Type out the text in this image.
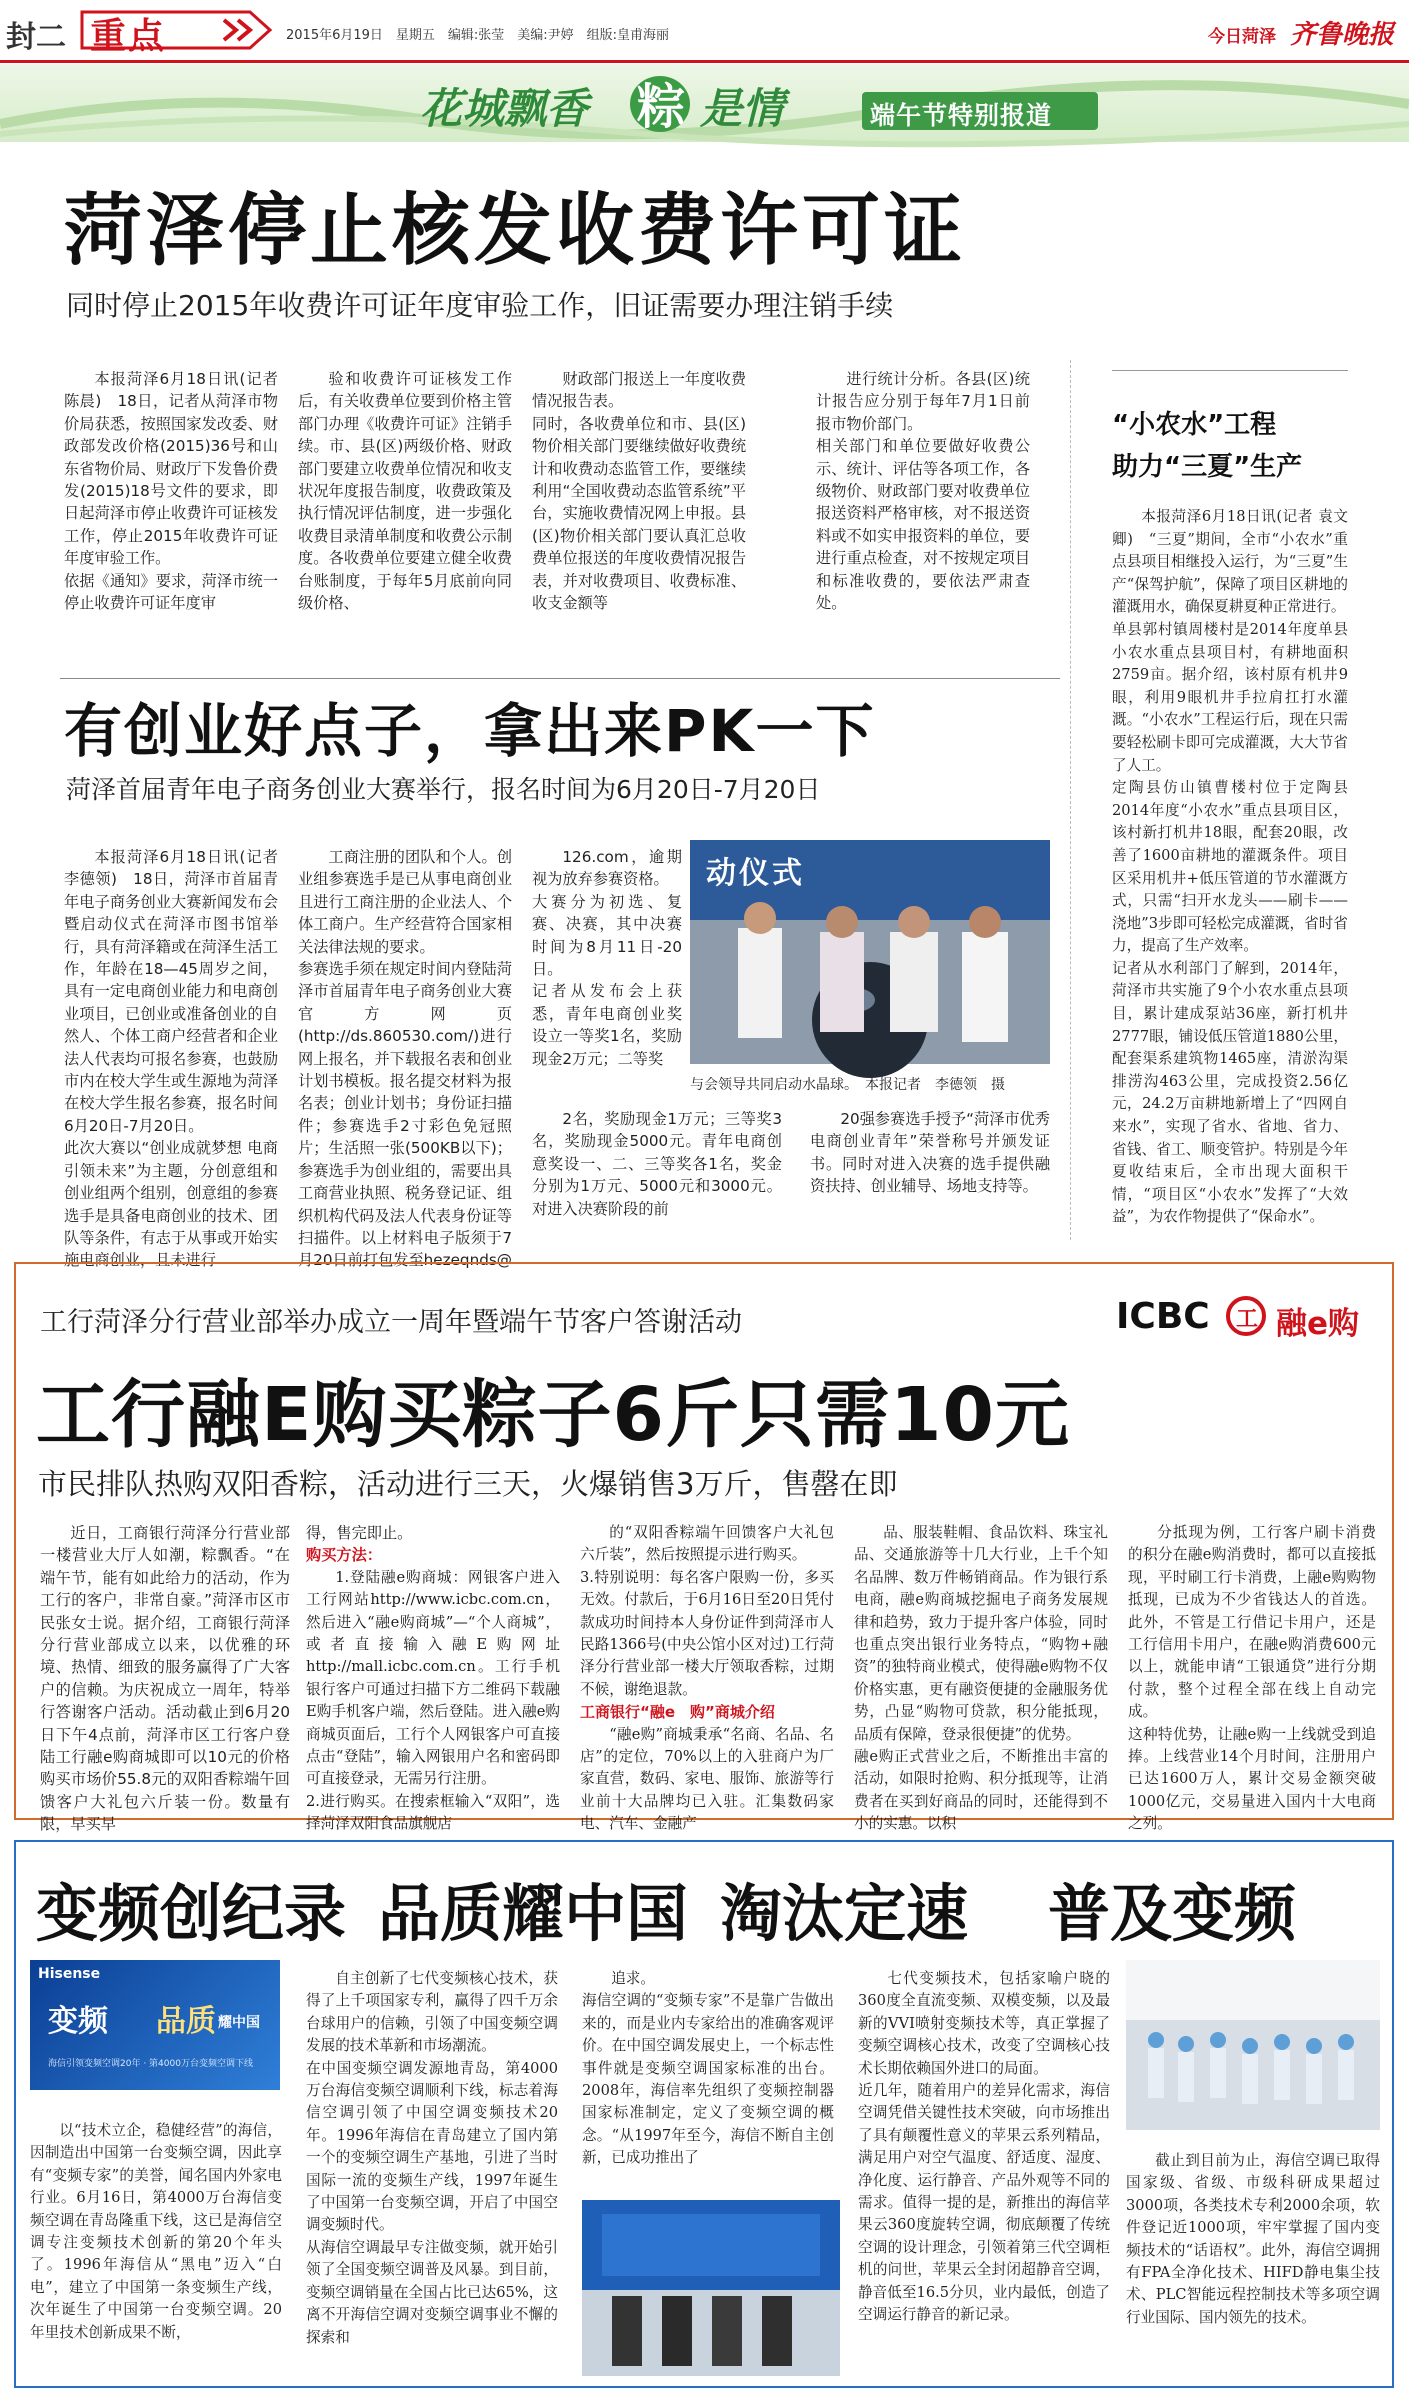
封二 重点	2015年6月19日　星期五　编辑:张莹　美编:尹婷　组版:皇甫海丽	今日菏泽 齐鲁晚报
花城飘香 粽 是情	端午节特别报道
菏泽停止核发收费许可证
同时停止2015年收费许可证年度审验工作，旧证需要办理注销手续
本报菏泽6月18日讯(记者 陈晨)　18日，记者从菏泽市物价局获悉，按照国家发改委、财政部发改价格(2015)36号和山东省物价局、财政厅下发鲁价费发(2015)18号文件的要求，即日起菏泽市停止收费许可证核发工作，停止2015年收费许可证年度审验工作。
依据《通知》要求，菏泽市统一停止收费许可证年度审
验和收费许可证核发工作后，有关收费单位要到价格主管部门办理《收费许可证》注销手续。市、县(区)两级价格、财政部门要建立收费单位情况和收支状况年度报告制度，收费政策及执行情况评估制度，进一步强化收费目录清单制度和收费公示制度。各收费单位要建立健全收费台账制度，于每年5月底前向同级价格、
财政部门报送上一年度收费情况报告表。
同时，各收费单位和市、县(区)物价相关部门要继续做好收费统计和收费动态监管工作，要继续利用“全国收费动态监管系统”平台，实施收费情况网上申报。县(区)物价相关部门要认真汇总收费单位报送的年度收费情况报告表，并对收费项目、收费标准、收支金额等
进行统计分析。各县(区)统计报告应分别于每年7月1日前报市物价部门。
相关部门和单位要做好收费公示、统计、评估等各项工作，各级物价、财政部门要对收费单位报送资料严格审核，对不报送资料或不如实申报资料的单位，要进行重点检查，对不按规定项目和标准收费的，要依法严肃查处。
“小农水”工程
助力“三夏”生产
本报菏泽6月18日讯(记者 袁文卿)　“三夏”期间，全市“小农水”重点县项目相继投入运行，为“三夏”生产“保驾护航”，保障了项目区耕地的灌溉用水，确保夏耕夏种正常进行。
单县郭村镇周楼村是2014年度单县小农水重点县项目村，有耕地面积2759亩。据介绍，该村原有机井9眼，利用9眼机井手拉肩扛打水灌溉。“小农水”工程运行后，现在只需要轻松刷卡即可完成灌溉，大大节省了人工。
定陶县仿山镇曹楼村位于定陶县2014年度“小农水”重点县项目区，该村新打机井18眼，配套20眼，改善了1600亩耕地的灌溉条件。项目区采用机井+低压管道的节水灌溉方式，只需“扫开水龙头——刷卡——浇地”3步即可轻松完成灌溉，省时省力，提高了生产效率。
记者从水利部门了解到，2014年，菏泽市共实施了9个小农水重点县项目，累计建成泵站36座，新打机井2777眼，铺设低压管道1880公里，配套渠系建筑物1465座，清淤沟渠排涝沟463公里，完成投资2.56亿元，24.2万亩耕地新增上了“四网自来水”，实现了省水、省地、省力、省钱、省工、顺变管护。特别是今年夏收结束后，全市出现大面积干情，“项目区“小农水”发挥了“大效益”，为农作物提供了“保命水”。
有创业好点子，拿出来PK一下
菏泽首届青年电子商务创业大赛举行，报名时间为6月20日-7月20日
本报菏泽6月18日讯(记者 李德领)　18日，菏泽市首届青年电子商务创业大赛新闻发布会暨启动仪式在菏泽市图书馆举行，具有菏泽籍或在菏泽生活工作，年龄在18—45周岁之间，具有一定电商创业能力和电商创业项目，已创业或准备创业的自然人、个体工商户经营者和企业法人代表均可报名参赛，也鼓励市内在校大学生或生源地为菏泽在校大学生报名参赛，报名时间6月20日-7月20日。
此次大赛以“创业成就梦想 电商引领未来”为主题，分创意组和创业组两个组别，创意组的参赛选手是具备电商创业的技术、团队等条件，有志于从事或开始实施电商创业，且未进行
工商注册的团队和个人。创业组参赛选手是已从事电商创业且进行工商注册的企业法人、个体工商户。生产经营符合国家相关法律法规的要求。
参赛选手须在规定时间内登陆菏泽市首届青年电子商务创业大赛官方网页(http://ds.860530.com/)进行网上报名，并下载报名表和创业计划书模板。报名提交材料为报名表；创业计划书；身份证扫描件；参赛选手2寸彩色免冠照片；生活照一张(500KB以下)；参赛选手为创业组的，需要出具工商营业执照、税务登记证、组织机构代码及法人代表身份证等扫描件。以上材料电子版须于7月20日前打包发至hezeqnds@
126.com，逾期视为放弃参赛资格。
大赛分为初选、复赛、决赛，其中决赛时间为8月11日-20日。
记者从发布会上获悉，青年电商创业奖设立一等奖1名，奖励现金2万元；二等奖
动仪式
与会领导共同启动水晶球。　本报记者　李德领　摄
2名，奖励现金1万元；三等奖3名，奖励现金5000元。青年电商创意奖设一、二、三等奖各1名，奖金分别为1万元、5000元和3000元。对进入决赛阶段的前
20强参赛选手授予“菏泽市优秀电商创业青年”荣誉称号并颁发证书。同时对进入决赛的选手提供融资扶持、创业辅导、场地支持等。
工行菏泽分行营业部举办成立一周年暨端午节客户答谢活动	ICBC 工 融e购
工行融E购买粽子6斤只需10元
市民排队热购双阳香粽，活动进行三天，火爆销售3万斤，售罄在即
近日，工商银行菏泽分行营业部一楼营业大厅人如潮，粽飘香。“在端午节，能有如此给力的活动，作为工行的客户，非常自豪。”菏泽市区市民张女士说。据介绍，工商银行菏泽分行营业部成立以来，以优雅的环境、热情、细致的服务赢得了广大客户的信赖。为庆祝成立一周年，特举行答谢客户活动。活动截止到6月20日下午4点前，菏泽市区工行客户登陆工行融e购商城即可以10元的价格购买市场价55.8元的双阳香粽端午回馈客户大礼包六斤装一份。数量有限，早买早
得，售完即止。
购买方法：
1.登陆融e购商城：网银客户进入工行网站http://www.icbc.com.cn，然后进入“融e购商城”—“个人商城”，或者直接输入融E购网址http://mall.icbc.com.cn。工行手机银行客户可通过扫描下方二维码下载融E购手机客户端，然后登陆。进入融e购商城页面后，工行个人网银客户可直接点击“登陆”，输入网银用户名和密码即可直接登录，无需另行注册。
2.进行购买。在搜索框输入“双阳”，选择菏泽双阳食品旗舰店
的“双阳香粽端午回馈客户大礼包六斤装”，然后按照提示进行购买。
3.特别说明：每名客户限购一份，多买无效。付款后，于6月16日至20日凭付款成功时间持本人身份证件到菏泽市人民路1366号(中央公馆小区对过)工行菏泽分行营业部一楼大厅领取香粽，过期不候，谢绝退款。
工商银行“融e　购”商城介绍
“融e购”商城秉承“名商、名品、名店”的定位，70%以上的入驻商户为厂家直营，数码、家电、服饰、旅游等行业前十大品牌均已入驻。汇集数码家电、汽车、金融产
品、服装鞋帽、食品饮料、珠宝礼品、交通旅游等十几大行业，上千个知名品牌、数万件畅销商品。作为银行系电商，融e购商城挖掘电子商务发展规律和趋势，致力于提升客户体验，同时也重点突出银行业务特点，“购物+融资”的独特商业模式，使得融e购物不仅价格实惠，更有融资便捷的金融服务优势，凸显“购物可贷款，积分能抵现，品质有保障，登录很便捷”的优势。
融e购正式营业之后，不断推出丰富的活动，如限时抢购、积分抵现等，让消费者在买到好商品的同时，还能得到不小的实惠。以积
分抵现为例，工行客户刷卡消费的积分在融e购消费时，都可以直接抵现，平时刷工行卡消费，上融e购购物抵现，已成为不少省钱达人的首选。此外，不管是工行借记卡用户，还是工行信用卡用户，在融e购消费600元以上，就能申请“工银通贷”进行分期付款，整个过程全部在线上自动完成。
这种特优势，让融e购一上线就受到追捧。上线营业14个月时间，注册用户已达1600万人，累计交易金额突破1000亿元，交易量进入国内十大电商之列。
变频创纪录 品质耀中国 淘汰定速 普及变频
Hisense
变频 品质 耀中国
海信引领变频空调20年 · 第4000万台变频空调下线
以“技术立企，稳健经营”的海信，因制造出中国第一台变频空调，因此享有“变频专家”的美誉，闻名国内外家电行业。6月16日，第4000万台海信变频空调在青岛隆重下线，这已是海信空调专注变频技术创新的第20个年头了。1996年海信从“黑电”迈入“白电”，建立了中国第一条变频生产线，次年诞生了中国第一台变频空调。20年里技术创新成果不断，
自主创新了七代变频核心技术，获得了上千项国家专利，赢得了四千万余台球用户的信赖，引领了中国变频空调发展的技术革新和市场潮流。
在中国变频空调发源地青岛，第4000万台海信变频空调顺利下线，标志着海信空调引领了中国空调变频技术20年。1996年海信在青岛建立了国内第一个的变频空调生产基地，引进了当时国际一流的变频生产线，1997年诞生了中国第一台变频空调，开启了中国空调变频时代。
从海信空调最早专注做变频，就开始引领了全国变频空调普及风暴。到目前，变频空调销量在全国占比已达65%，这离不开海信空调对变频空调事业不懈的探索和
追求。
海信空调的“变频专家”不是靠广告做出来的，而是业内专家给出的准确客观评价。在中国空调发展史上，一个标志性事件就是变频空调国家标准的出台。2008年，海信率先组织了变频控制器国家标准制定，定义了变频空调的概念。“从1997年至今，海信不断自主创新，已成功推出了
七代变频技术，包括家喻户晓的360度全直流变频、双模变频，以及最新的VVI喷射变频技术等，真正掌握了变频空调核心技术，改变了空调核心技术长期依赖国外进口的局面。
近几年，随着用户的差异化需求，海信空调凭借关键性技术突破，向市场推出了具有颠覆性意义的苹果云系列精品，满足用户对空气温度、舒适度、湿度、净化度、运行静音、产品外观等不同的需求。值得一提的是，新推出的海信苹果云360度旋转空调，彻底颠覆了传统空调的设计理念，引领着第三代空调柜机的问世，苹果云全封闭超静音空调，静音低至16.5分贝，业内最低，创造了空调运行静音的新记录。
截止到目前为止，海信空调已取得国家级、省级、市级科研成果超过3000项，各类技术专利2000余项，软件登记近1000项，牢牢掌握了国内变频技术的“话语权”。此外，海信空调拥有FPA全净化技术、HIFD静电集尘技术、PLC智能远程控制技术等多项空调行业国际、国内领先的技术。
